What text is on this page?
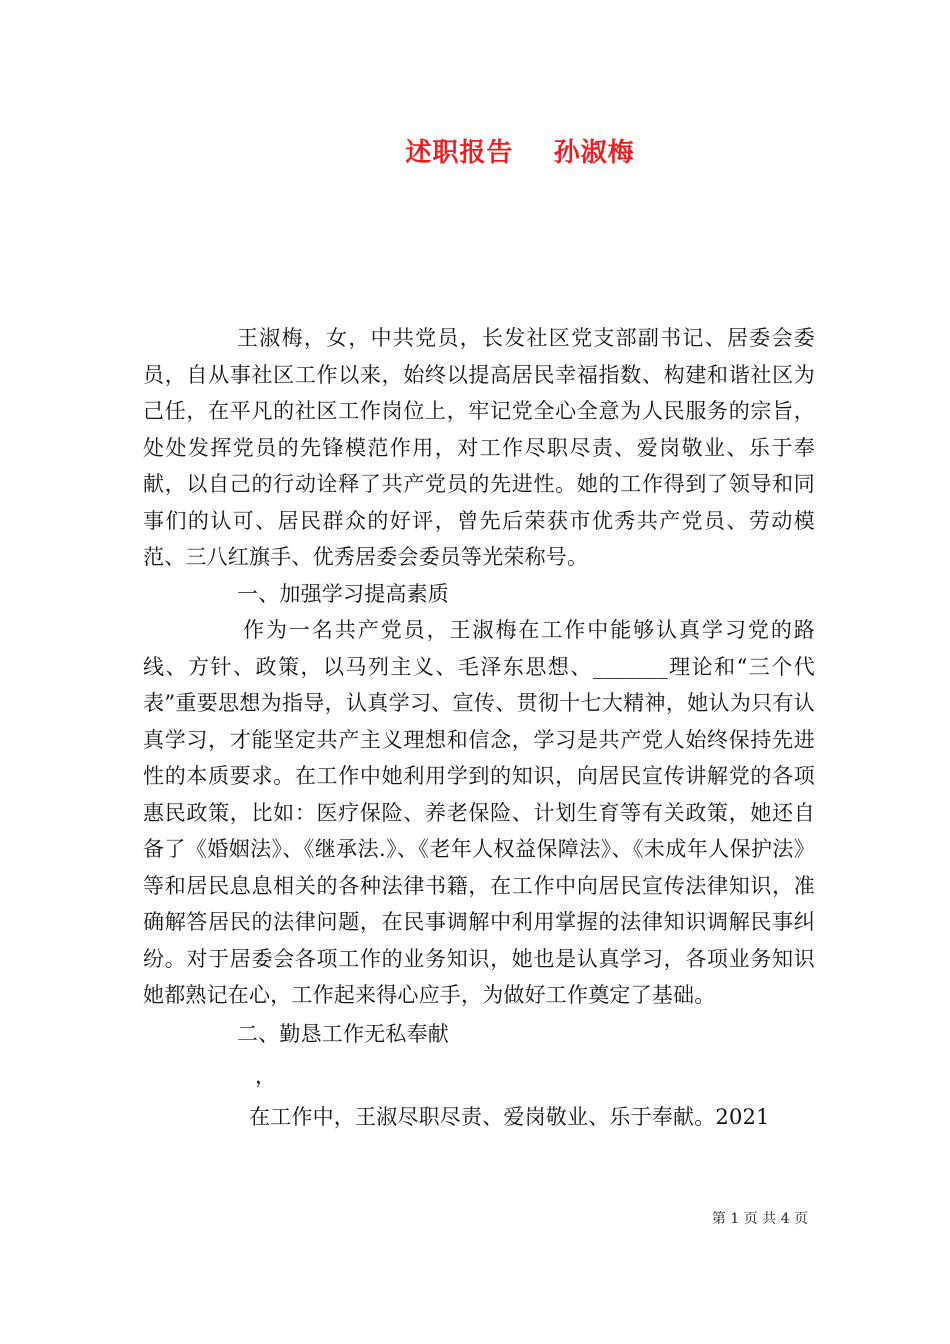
述职报告    孙淑梅

王淑梅，女，中共党员，长发社区党支部副书记、居委会委员，自从事社区工作以来，始终以提高居民幸福指数、构建和谐社区为己任，在平凡的社区工作岗位上，牢记党全心全意为人民服务的宗旨，处处发挥党员的先锋模范作用，对工作尽职尽责、爱岗敬业、乐于奉献，以自己的行动诠释了共产党员的先进性。她的工作得到了领导和同事们的认可、居民群众的好评，曾先后荣获市优秀共产党员、劳动模范、三八红旗手、优秀居委会委员等光荣称号。

一、加强学习提高素质

作为一名共产党员，王淑梅在工作中能够认真学习党的路线、方针、政策，以马列主义、毛泽东思想、_______理论和“三个代表”重要思想为指导，认真学习、宣传、贯彻十七大精神，她认为只有认真学习，才能坚定共产主义理想和信念，学习是共产党人始终保持先进性的本质要求。在工作中她利用学到的知识，向居民宣传讲解党的各项惠民政策，比如：医疗保险、养老保险、计划生育等有关政策，她还自备了《婚姻法》、《继承法.》、《老年人权益保障法》、《未成年人保护法》等和居民息息相关的各种法律书籍，在工作中向居民宣传法律知识，准确解答居民的法律问题，在民事调解中利用掌握的法律知识调解民事纠纷。对于居委会各项工作的业务知识，她也是认真学习，各项业务知识她都熟记在心，工作起来得心应手，为做好工作奠定了基础。

二、勤恳工作无私奉献

，

在工作中，王淑尽职尽责、爱岗敬业、乐于奉献。2021

第 1 页 共 4 页
